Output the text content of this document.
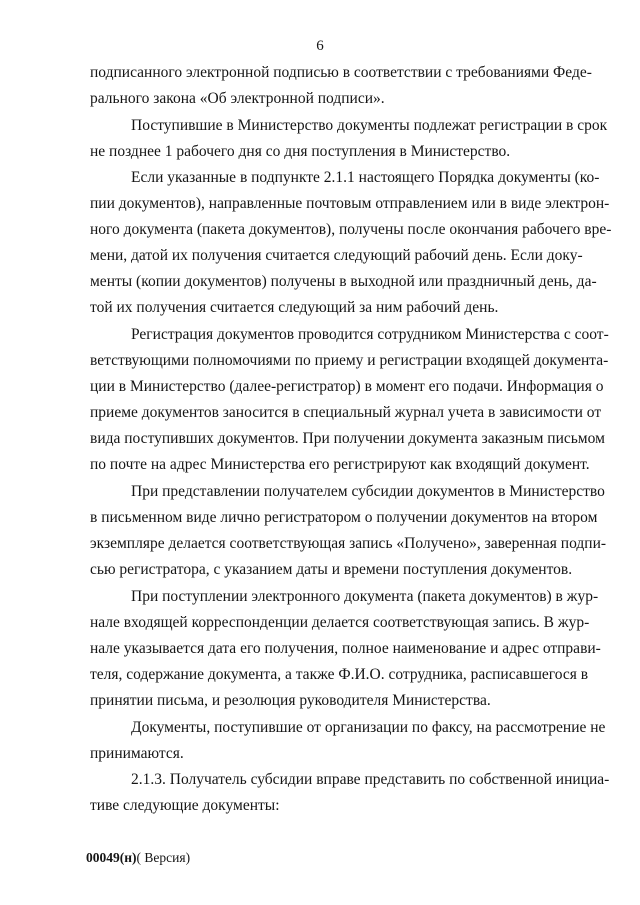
6
подписанного электронной подписью в соответствии с требованиями Феде-
рального закона «Об электронной подписи».
Поступившие в Министерство документы подлежат регистрации в срок
не позднее 1 рабочего дня со дня поступления в Министерство.
Если указанные в подпункте 2.1.1 настоящего Порядка документы (ко-
пии документов), направленные почтовым отправлением или в виде электрон-
ного документа (пакета документов), получены после окончания рабочего вре-
мени, датой их получения считается следующий рабочий день. Если доку-
менты (копии документов) получены в выходной или праздничный день, да-
той их получения считается следующий за ним рабочий день.
Регистрация документов проводится сотрудником Министерства с соот-
ветствующими полномочиями по приему и регистрации входящей документа-
ции в Министерство (далее-регистратор) в момент его подачи. Информация о
приеме документов заносится в специальный журнал учета в зависимости от
вида поступивших документов. При получении документа заказным письмом
по почте на адрес Министерства его регистрируют как входящий документ.
При представлении получателем субсидии документов в Министерство
в письменном виде лично регистратором о получении документов на втором
экземпляре делается соответствующая запись «Получено», заверенная подпи-
сью регистратора, с указанием даты и времени поступления документов.
При поступлении электронного документа (пакета документов) в жур-
нале входящей корреспонденции делается соответствующая запись. В жур-
нале указывается дата его получения, полное наименование и адрес отправи-
теля, содержание документа, а также Ф.И.О. сотрудника, расписавшегося в
принятии письма, и резолюция руководителя Министерства.
Документы, поступившие от организации по факсу, на рассмотрение не
принимаются.
2.1.3. Получатель субсидии вправе представить по собственной инициа-
тиве следующие документы:
00049(н)( Версия)
